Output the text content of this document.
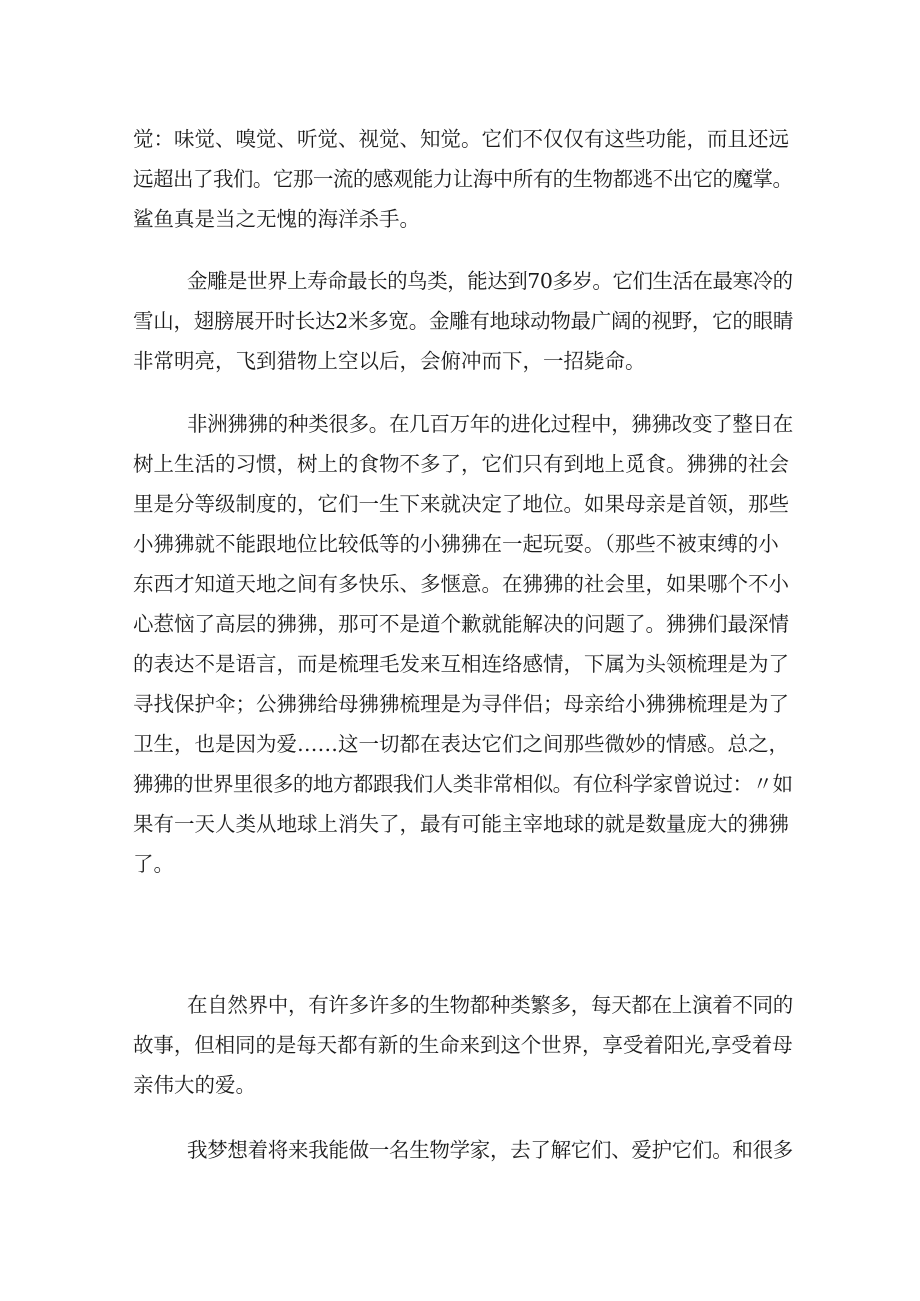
觉：味觉、嗅觉、听觉、视觉、知觉。它们不仅仅有这些功能，而且还远
远超出了我们。它那一流的感观能力让海中所有的生物都逃不出它的魔掌。
鲨鱼真是当之无愧的海洋杀手。
金雕是世界上寿命最长的鸟类，能达到70多岁。它们生活在最寒冷的
雪山，翅膀展开时长达2米多宽。金雕有地球动物最广阔的视野，它的眼睛
非常明亮，飞到猎物上空以后，会俯冲而下，一招毙命。
非洲狒狒的种类很多。在几百万年的进化过程中，狒狒改变了整日在
树上生活的习惯，树上的食物不多了，它们只有到地上觅食。狒狒的社会
里是分等级制度的，它们一生下来就决定了地位。如果母亲是首领，那些
小狒狒就不能跟地位比较低等的小狒狒在一起玩耍。（那些不被束缚的小
东西才知道天地之间有多快乐、多惬意。在狒狒的社会里，如果哪个不小
心惹恼了高层的狒狒，那可不是道个歉就能解决的问题了。狒狒们最深情
的表达不是语言，而是梳理毛发来互相连络感情，下属为头领梳理是为了
寻找保护伞；公狒狒给母狒狒梳理是为寻伴侣；母亲给小狒狒梳理是为了
卫生，也是因为爱……这一切都在表达它们之间那些微妙的情感。总之，
狒狒的世界里很多的地方都跟我们人类非常相似。有位科学家曾说过：〃如
果有一天人类从地球上消失了，最有可能主宰地球的就是数量庞大的狒狒
了。
在自然界中，有许多许多的生物都种类繁多，每天都在上演着不同的
故事，但相同的是每天都有新的生命来到这个世界，享受着阳光,享受着母
亲伟大的爱。
我梦想着将来我能做一名生物学家，去了解它们、爱护它们。和很多
